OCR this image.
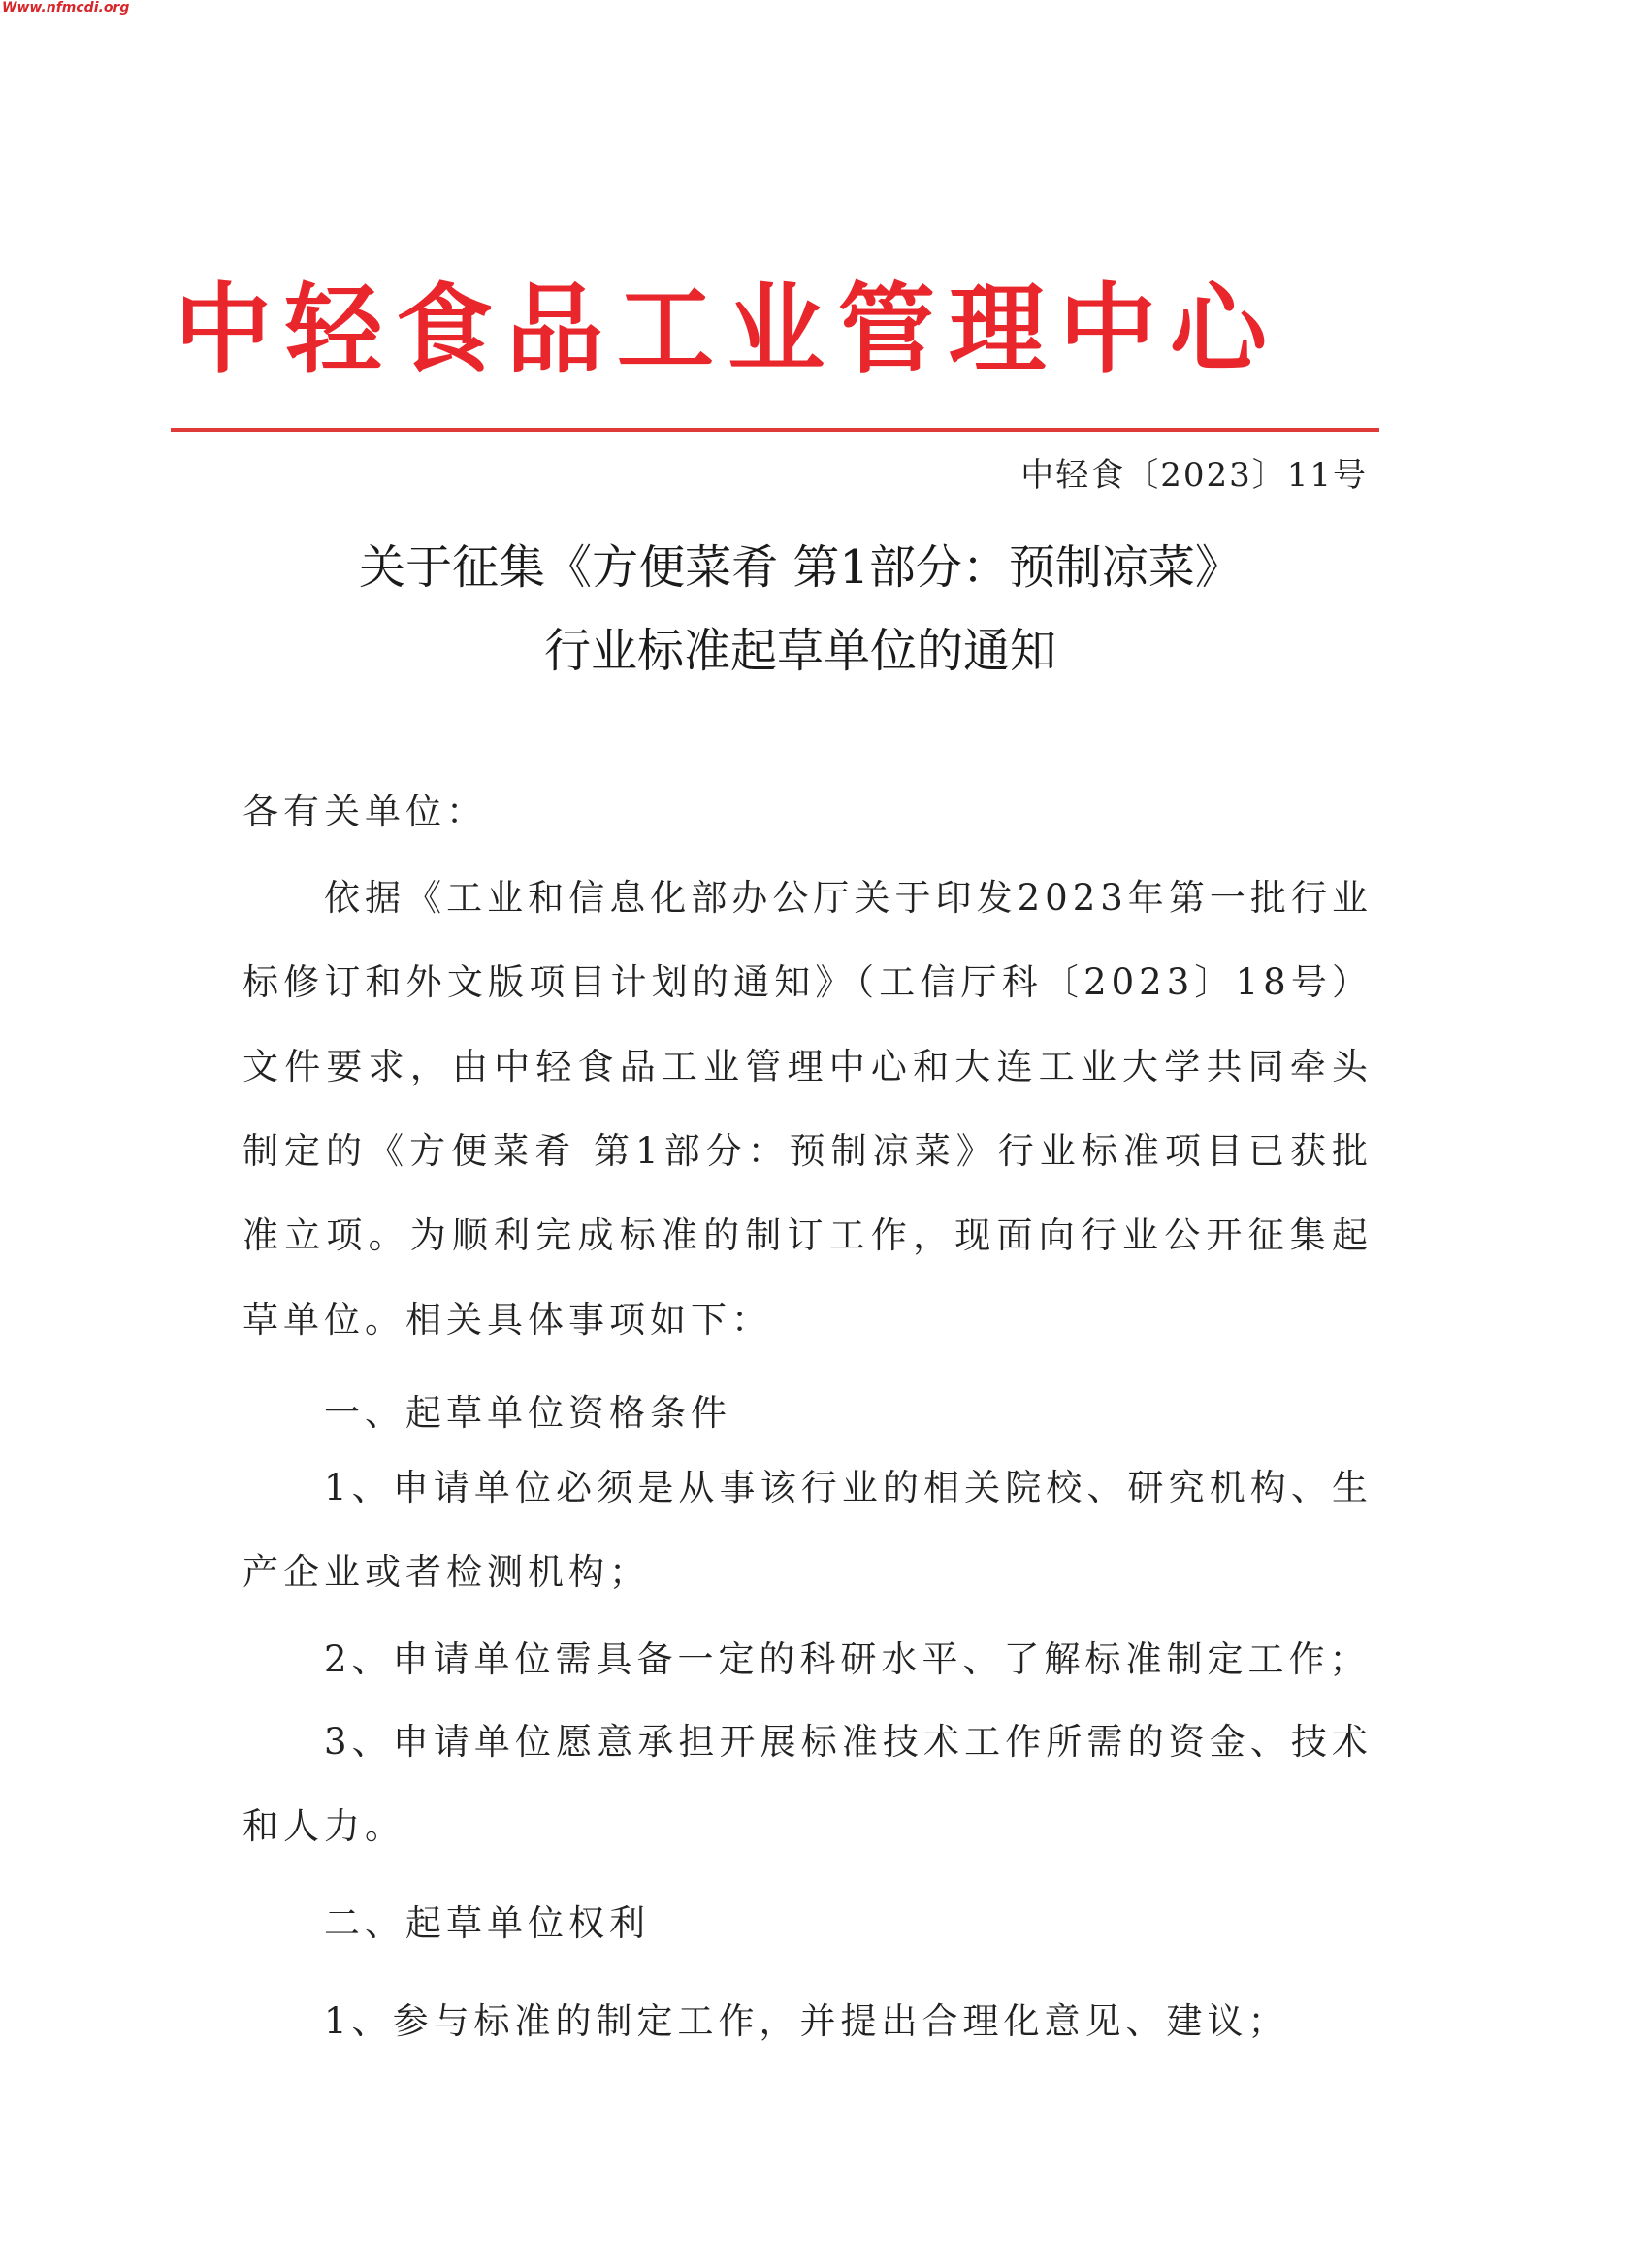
Www.nfmcdi.org
中轻食品工业管理中心
中轻食〔2023〕11号
关于征集《方便菜肴 第1部分：预制凉菜》
行业标准起草单位的通知
各有关单位：
依据《工业和信息化部办公厅关于印发2023年第一批行业标修订和外文版项目计划的通知》（工信厅科〔2023〕18号）文件要求，由中轻食品工业管理中心和大连工业大学共同牵头制定的《方便菜肴 第1部分：预制凉菜》行业标准项目已获批准立项。为顺利完成标准的制订工作，现面向行业公开征集起草单位。相关具体事项如下：
一、起草单位资格条件
1、申请单位必须是从事该行业的相关院校、研究机构、生产企业或者检测机构；
2、申请单位需具备一定的科研水平、了解标准制定工作；
3、申请单位愿意承担开展标准技术工作所需的资金、技术和人力。
二、起草单位权利
1、参与标准的制定工作，并提出合理化意见、建议；
